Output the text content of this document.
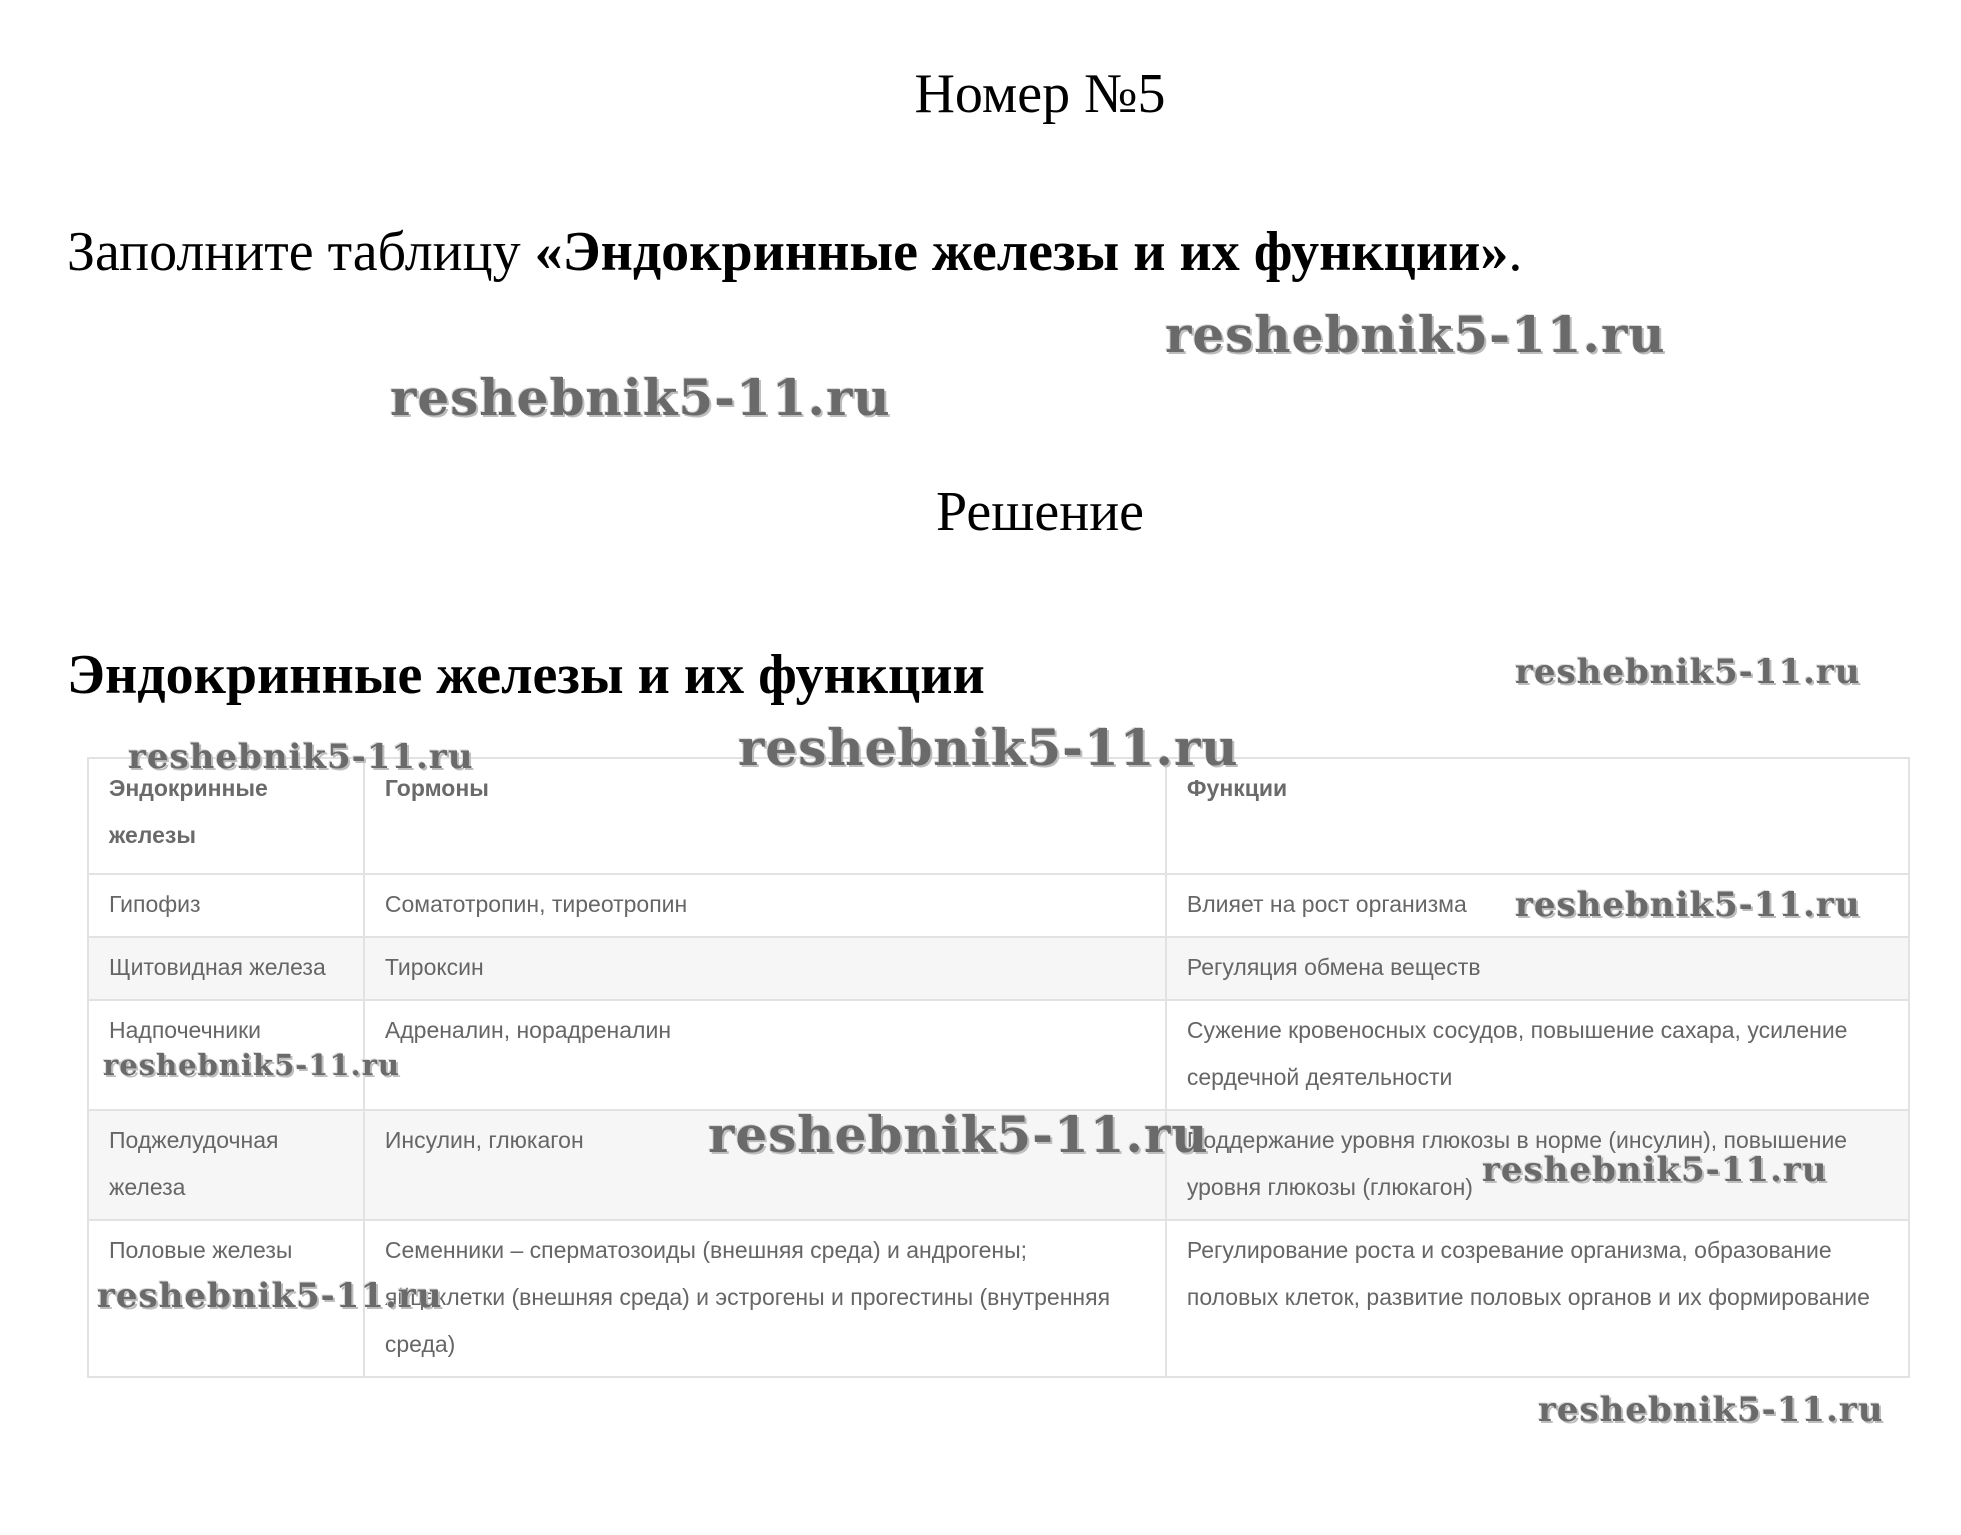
Номер №5
Заполните таблицу «Эндокринные железы и их функции».
Решение
Эндокринные железы и их функции
Эндокринные железы	Гормоны	Функции
Гипофиз	Соматотропин, тиреотропин	Влияет на рост организма
Щитовидная железа	Тироксин	Регуляция обмена веществ
Надпочечники	Адреналин, норадреналин	Сужение кровеносных сосудов, повышение сахара, усиление сердечной деятельности
Поджелудочная железа	Инсулин, глюкагон	Поддержание уровня глюкозы в норме (инсулин), повышение уровня глюкозы (глюкагон)
Половые железы	Семенники – сперматозоиды (внешняя среда) и андрогены; яйцеклетки (внешняя среда) и эстрогены и прогестины (внутренняя среда)	Регулирование роста и созревание организма, образование половых клеток, развитие половых органов и их формирование
reshebnik5-11.ru
reshebnik5-11.ru
reshebnik5-11.ru
reshebnik5-11.ru	reshebnik5-11.ru
reshebnik5-11.ru
reshebnik5-11.ru
reshebnik5-11.ru
reshebnik5-11.ru
reshebnik5-11.ru
reshebnik5-11.ru
